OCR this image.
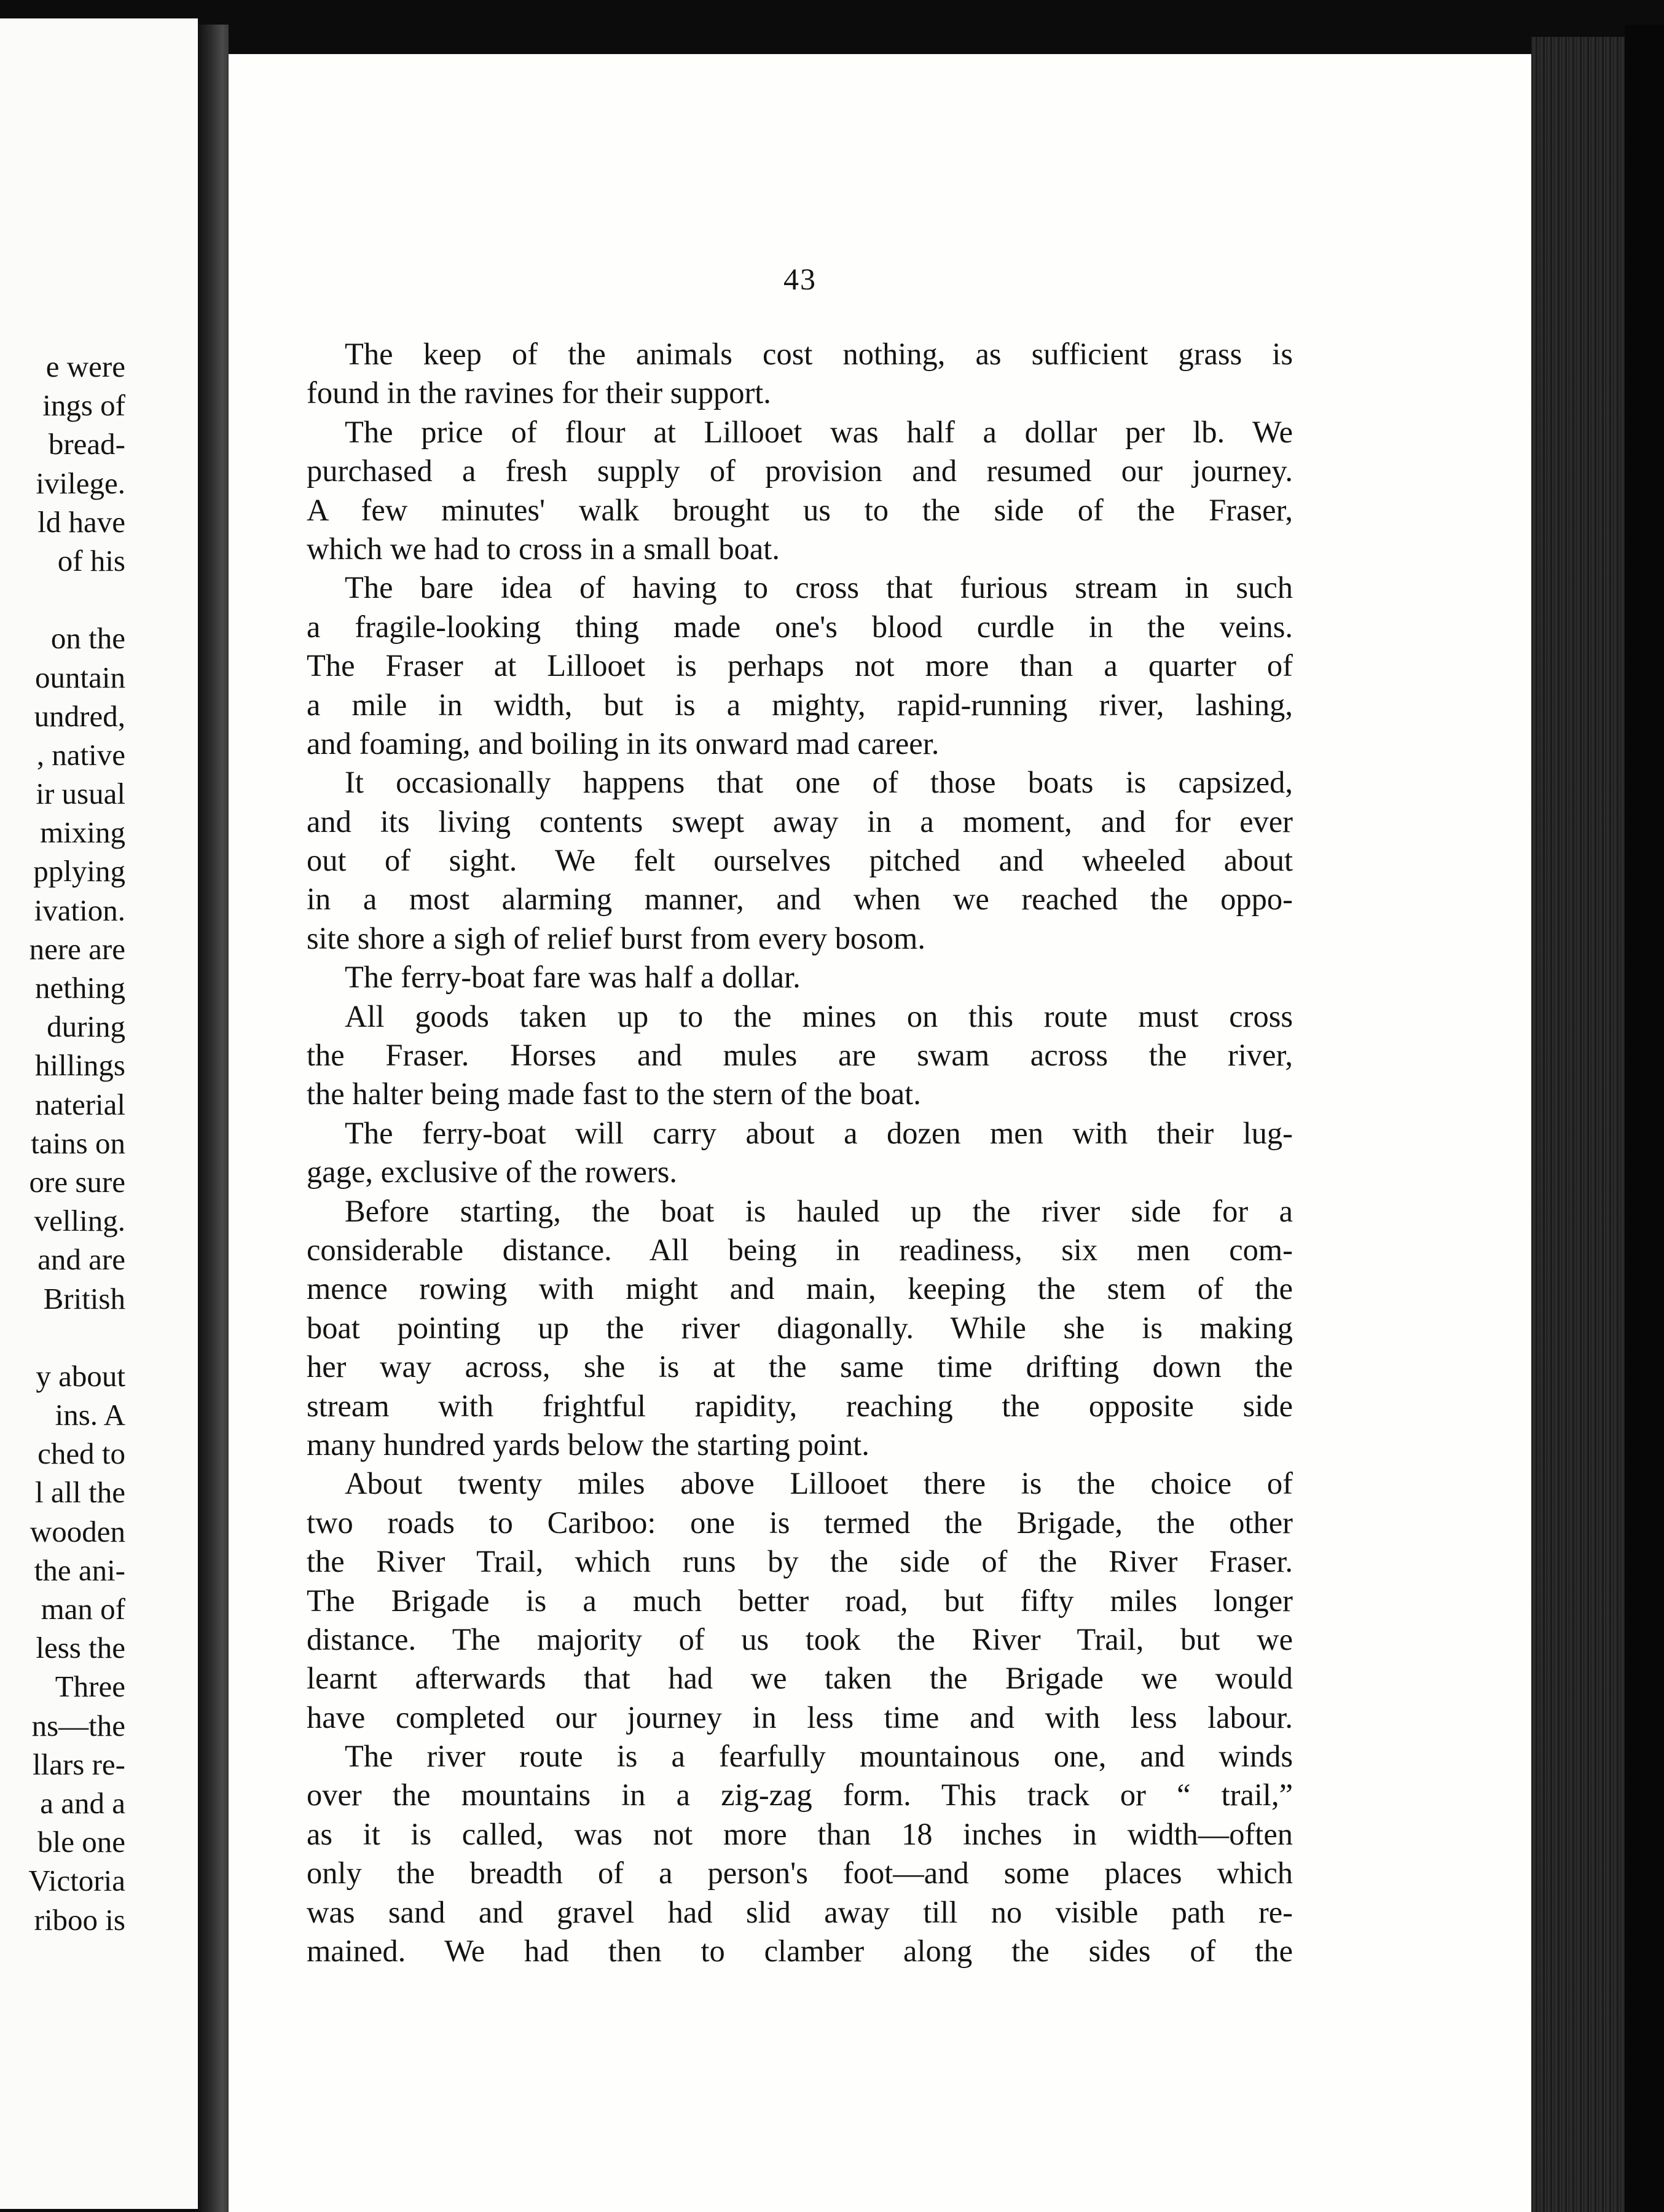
e were
ings of
bread-
ivilege.
ld have
of his
on the
ountain
undred,
, native
ir usual
mixing
pplying
ivation.
nere are
nething
during
hillings
naterial
tains on
ore sure
velling.
and are
British
y about
ins. A
ched to
l all the
wooden
the ani-
man of
less the
Three
ns—the
llars re-
a and a
ble one
Victoria
riboo is
43
The keep of the animals cost nothing, as sufficient grass is
found in the ravines for their support.
The price of flour at Lillooet was half a dollar per lb. We
purchased a fresh supply of provision and resumed our journey.
A few minutes' walk brought us to the side of the Fraser,
which we had to cross in a small boat.
The bare idea of having to cross that furious stream in such
a fragile-looking thing made one's blood curdle in the veins.
The Fraser at Lillooet is perhaps not more than a quarter of
a mile in width, but is a mighty, rapid-running river, lashing,
and foaming, and boiling in its onward mad career.
It occasionally happens that one of those boats is capsized,
and its living contents swept away in a moment, and for ever
out of sight. We felt ourselves pitched and wheeled about
in a most alarming manner, and when we reached the oppo-
site shore a sigh of relief burst from every bosom.
The ferry-boat fare was half a dollar.
All goods taken up to the mines on this route must cross
the Fraser. Horses and mules are swam across the river,
the halter being made fast to the stern of the boat.
The ferry-boat will carry about a dozen men with their lug-
gage, exclusive of the rowers.
Before starting, the boat is hauled up the river side for a
considerable distance. All being in readiness, six men com-
mence rowing with might and main, keeping the stem of the
boat pointing up the river diagonally. While she is making
her way across, she is at the same time drifting down the
stream with frightful rapidity, reaching the opposite side
many hundred yards below the starting point.
About twenty miles above Lillooet there is the choice of
two roads to Cariboo: one is termed the Brigade, the other
the River Trail, which runs by the side of the River Fraser.
The Brigade is a much better road, but fifty miles longer
distance. The majority of us took the River Trail, but we
learnt afterwards that had we taken the Brigade we would
have completed our journey in less time and with less labour.
The river route is a fearfully mountainous one, and winds
over the mountains in a zig-zag form. This track or “ trail,”
as it is called, was not more than 18 inches in width—often
only the breadth of a person's foot—and some places which
was sand and gravel had slid away till no visible path re-
mained. We had then to clamber along the sides of the
